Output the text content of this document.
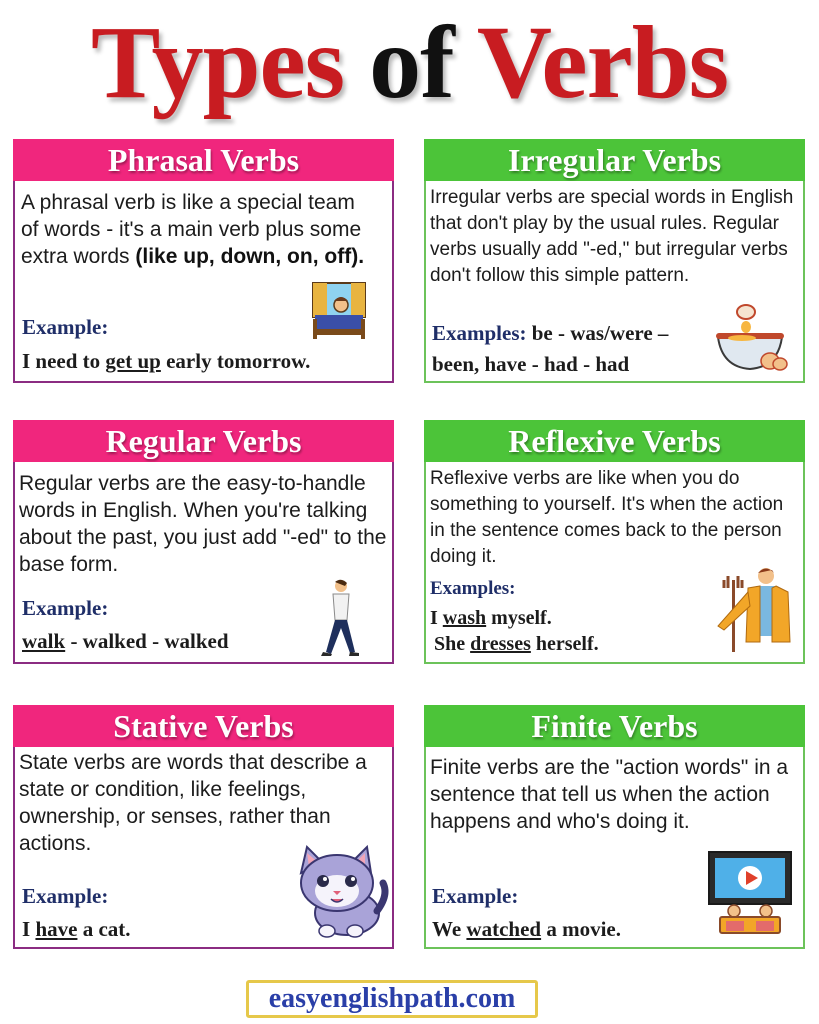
Types of Verbs
Phrasal Verbs
A phrasal verb is like a special team of words - it's a main verb plus some extra words (like up, down, on, off).
Example:
I need to get up early tomorrow.
Irregular Verbs
Irregular verbs are special words in English that don't play by the usual rules. Regular verbs usually add "-ed," but irregular verbs don't follow this simple pattern.
Examples: be - was/were –
been, have - had - had
Regular Verbs
Regular verbs are the easy-to-handle words in English. When you're talking about the past, you just add "-ed" to the base form.
Example:
walk - walked - walked
Reflexive Verbs
Reflexive verbs are like when you do something to yourself. It's when the action in the sentence comes back to the person doing it.
Examples:
I wash myself.
She dresses herself.
Stative Verbs
State verbs are words that describe a state or condition, like feelings, ownership, or senses, rather than actions.
Example:
I have a cat.
Finite Verbs
Finite verbs are the "action words" in a sentence that tell us when the action happens and who's doing it.
Example:
We watched a movie.
easyenglishpath.com
